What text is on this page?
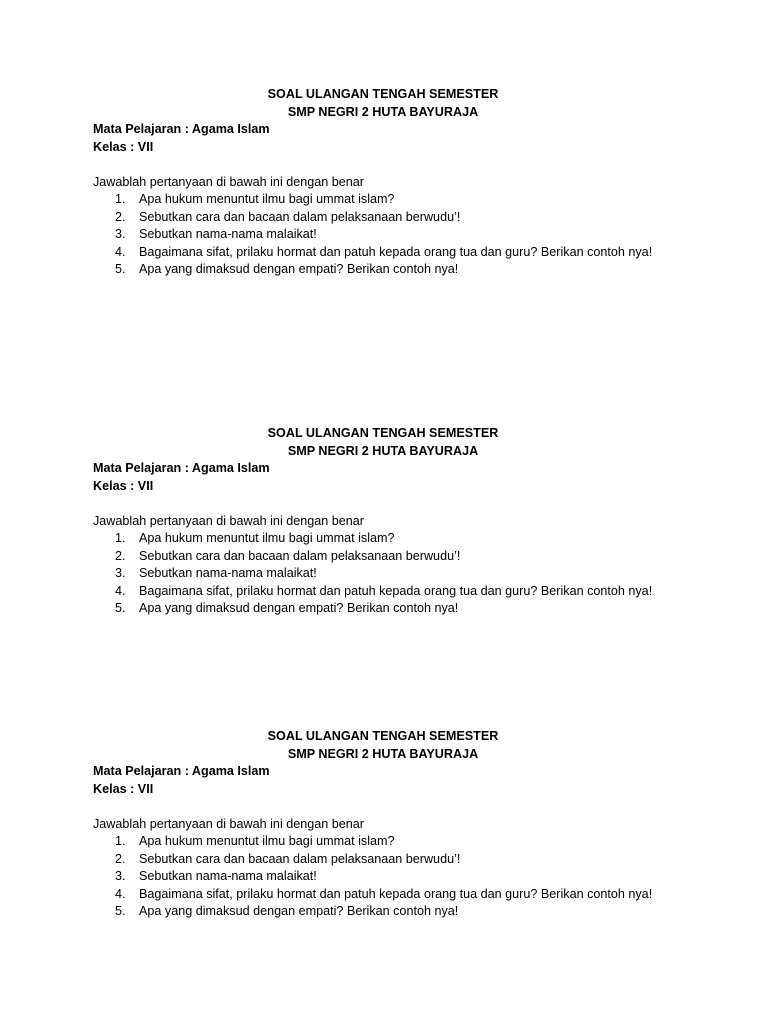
SOAL ULANGAN TENGAH SEMESTER
SMP NEGRI 2 HUTA BAYURAJA
Mata Pelajaran : Agama Islam
Kelas : VII
Jawablah pertanyaan di bawah ini dengan benar
1.	Apa hukum menuntut ilmu bagi ummat islam?
2.	Sebutkan cara dan bacaan dalam pelaksanaan berwudu’!
3.	Sebutkan nama-nama malaikat!
4.	Bagaimana sifat, prilaku hormat dan patuh kepada orang tua dan guru? Berikan contoh nya!
5.	Apa yang dimaksud dengan empati? Berikan contoh nya!
SOAL ULANGAN TENGAH SEMESTER
SMP NEGRI 2 HUTA BAYURAJA
Mata Pelajaran : Agama Islam
Kelas : VII
Jawablah pertanyaan di bawah ini dengan benar
1.	Apa hukum menuntut ilmu bagi ummat islam?
2.	Sebutkan cara dan bacaan dalam pelaksanaan berwudu’!
3.	Sebutkan nama-nama malaikat!
4.	Bagaimana sifat, prilaku hormat dan patuh kepada orang tua dan guru? Berikan contoh nya!
5.	Apa yang dimaksud dengan empati? Berikan contoh nya!
SOAL ULANGAN TENGAH SEMESTER
SMP NEGRI 2 HUTA BAYURAJA
Mata Pelajaran : Agama Islam
Kelas : VII
Jawablah pertanyaan di bawah ini dengan benar
1.	Apa hukum menuntut ilmu bagi ummat islam?
2.	Sebutkan cara dan bacaan dalam pelaksanaan berwudu’!
3.	Sebutkan nama-nama malaikat!
4.	Bagaimana sifat, prilaku hormat dan patuh kepada orang tua dan guru? Berikan contoh nya!
5.	Apa yang dimaksud dengan empati? Berikan contoh nya!
